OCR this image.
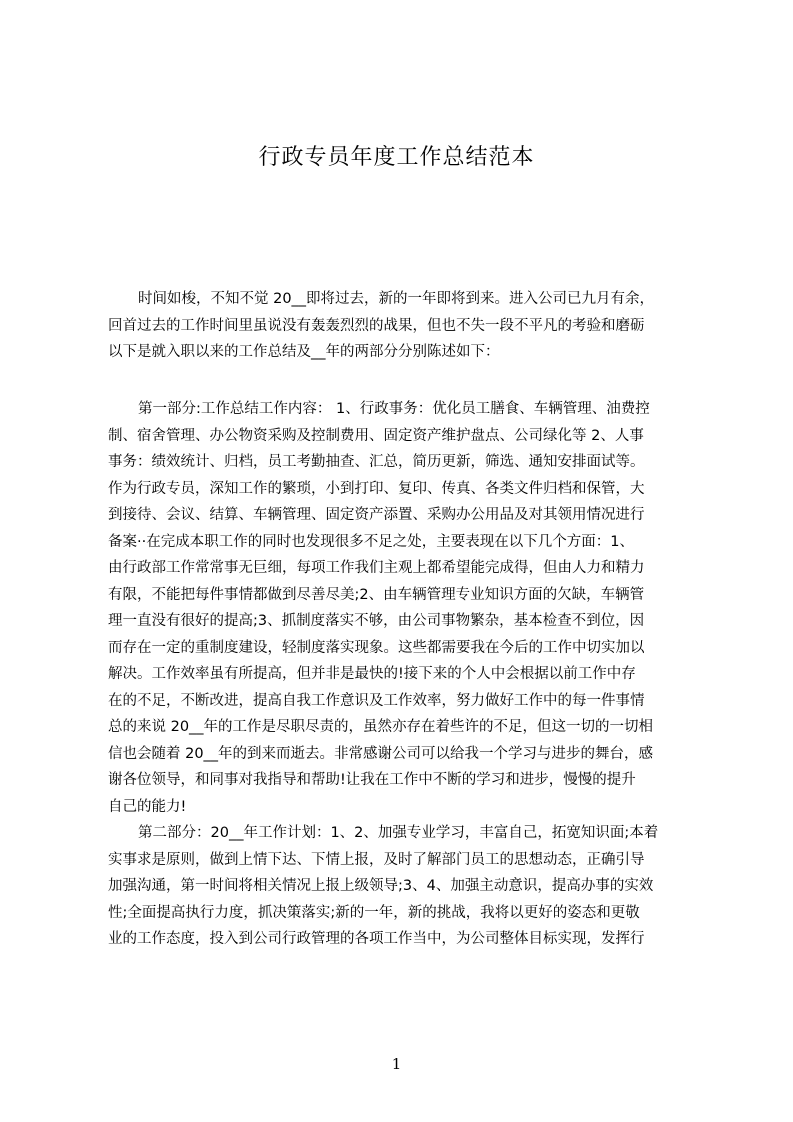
行政专员年度工作总结范本
时间如梭，不知不觉 20__即将过去，新的一年即将到来。进入公司已九月有余，
回首过去的工作时间里虽说没有轰轰烈烈的战果，但也不失一段不平凡的考验和磨砺
以下是就入职以来的工作总结及__年的两部分分别陈述如下：
第一部分:工作总结工作内容： 1、行政事务：优化员工膳食、车辆管理、油费控
制、宿舍管理、办公物资采购及控制费用、固定资产维护盘点、公司绿化等 2、人事
事务：绩效统计、归档，员工考勤抽查、汇总，简历更新，筛选、通知安排面试等。
作为行政专员，深知工作的繁琐，小到打印、复印、传真、各类文件归档和保管，大
到接待、会议、结算、车辆管理、固定资产添置、采购办公用品及对其领用情况进行
备案··在完成本职工作的同时也发现很多不足之处，主要表现在以下几个方面：1、
由行政部工作常常事无巨细，每项工作我们主观上都希望能完成得，但由人力和精力
有限，不能把每件事情都做到尽善尽美;2、由车辆管理专业知识方面的欠缺，车辆管
理一直没有很好的提高;3、抓制度落实不够，由公司事物繁杂，基本检查不到位，因
而存在一定的重制度建设，轻制度落实现象。这些都需要我在今后的工作中切实加以
解决。工作效率虽有所提高，但并非是最快的!接下来的个人中会根据以前工作中存
在的不足，不断改进，提高自我工作意识及工作效率，努力做好工作中的每一件事情
总的来说 20__年的工作是尽职尽责的，虽然亦存在着些许的不足，但这一切的一切相
信也会随着 20__年的到来而逝去。非常感谢公司可以给我一个学习与进步的舞台，感
谢各位领导，和同事对我指导和帮助!让我在工作中不断的学习和进步，慢慢的提升
自己的能力!
第二部分：20__年工作计划：1、2、加强专业学习，丰富自己，拓宽知识面;本着
实事求是原则，做到上情下达、下情上报，及时了解部门员工的思想动态，正确引导
加强沟通，第一时间将相关情况上报上级领导;3、4、加强主动意识，提高办事的实效
性;全面提高执行力度，抓决策落实;新的一年，新的挑战，我将以更好的姿态和更敬
业的工作态度，投入到公司行政管理的各项工作当中，为公司整体目标实现，发挥行
1
